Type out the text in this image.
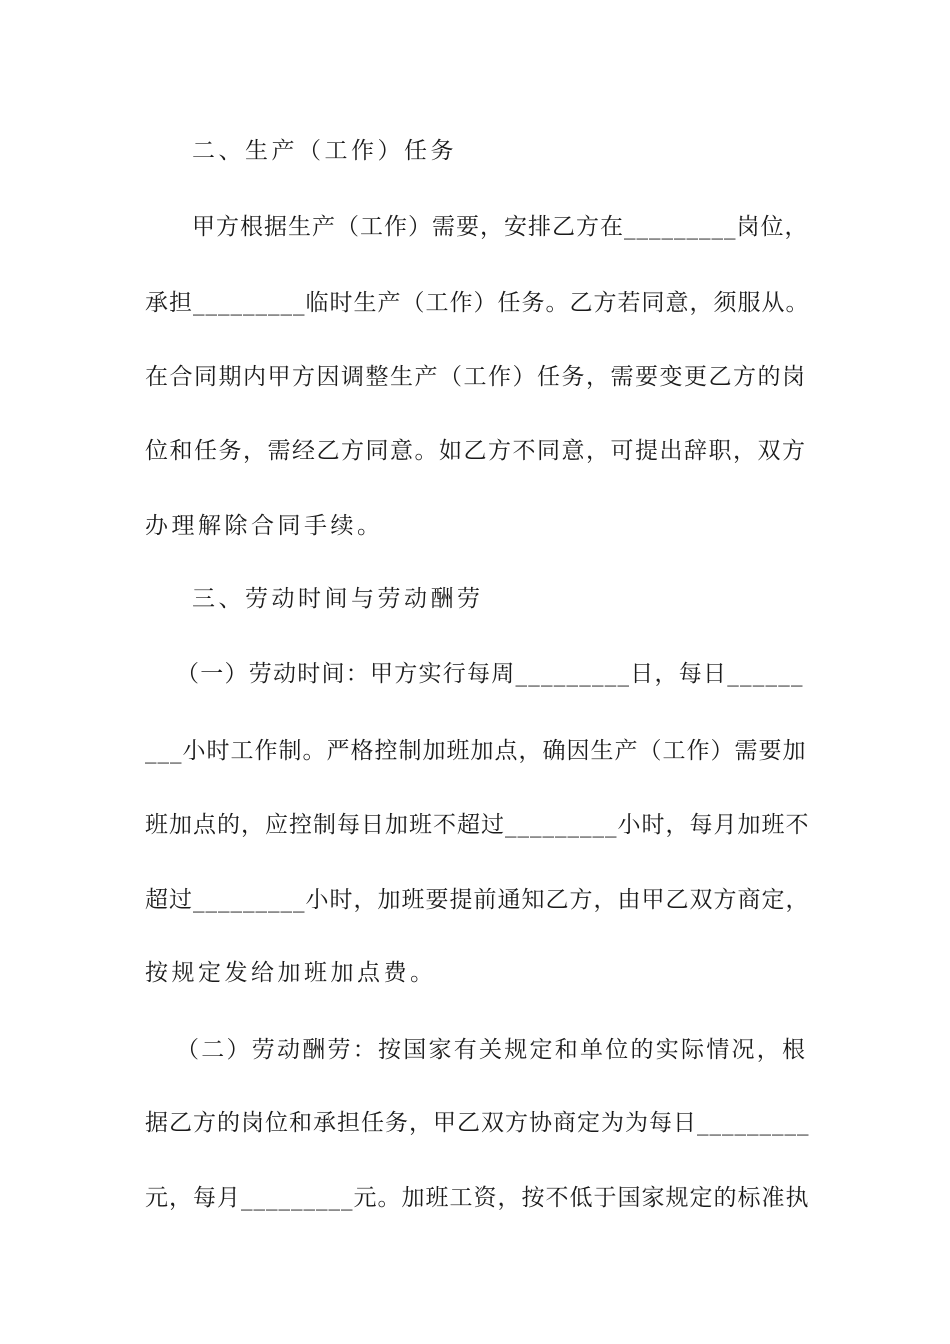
二、生产（工作）任务
甲方根据生产（工作）需要，安排乙方在_________岗位，
承担_________临时生产（工作）任务。乙方若同意，须服从。
在合同期内甲方因调整生产（工作）任务，需要变更乙方的岗
位和任务，需经乙方同意。如乙方不同意，可提出辞职，双方
办理解除合同手续。
三、劳动时间与劳动酬劳
（一）劳动时间：甲方实行每周_________日，每日______
___小时工作制。严格控制加班加点，确因生产（工作）需要加
班加点的，应控制每日加班不超过_________小时，每月加班不
超过_________小时，加班要提前通知乙方，由甲乙双方商定，
按规定发给加班加点费。
（二）劳动酬劳：按国家有关规定和单位的实际情况，根
据乙方的岗位和承担任务，甲乙双方协商定为为每日_________
元，每月_________元。加班工资，按不低于国家规定的标准执
